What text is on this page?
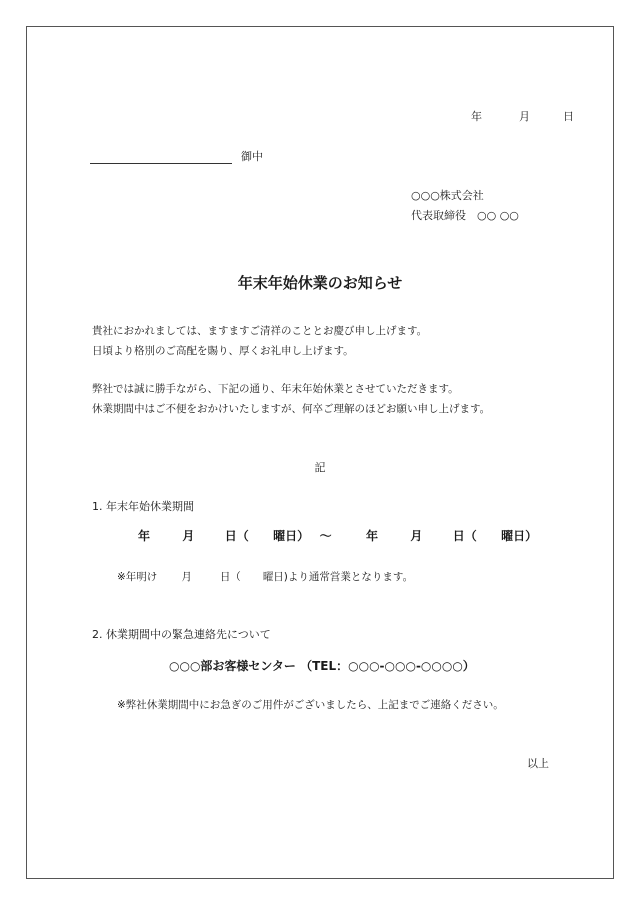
年	月	日
御中
○○○株式会社
代表取締役　○○ ○○
年末年始休業のお知らせ
貴社におかれましては、ますますご清祥のこととお慶び申し上げます。
日頃より格別のご高配を賜り、厚くお礼申し上げます。
弊社では誠に勝手ながら、下記の通り、年末年始休業とさせていただきます。
休業期間中はご不便をおかけいたしますが、何卒ご理解のほどお願い申し上げます。
記
1. 年末年始休業期間
年	月	日（ 曜日） ～	年	月	日（ 曜日）
※年明け 月	日（ 曜日)より通常営業となります。
2. 休業期間中の緊急連絡先について
○○○部お客様センター （TEL：○○○-○○○-○○○○）
※弊社休業期間中にお急ぎのご用件がございましたら、上記までご連絡ください。
以上
